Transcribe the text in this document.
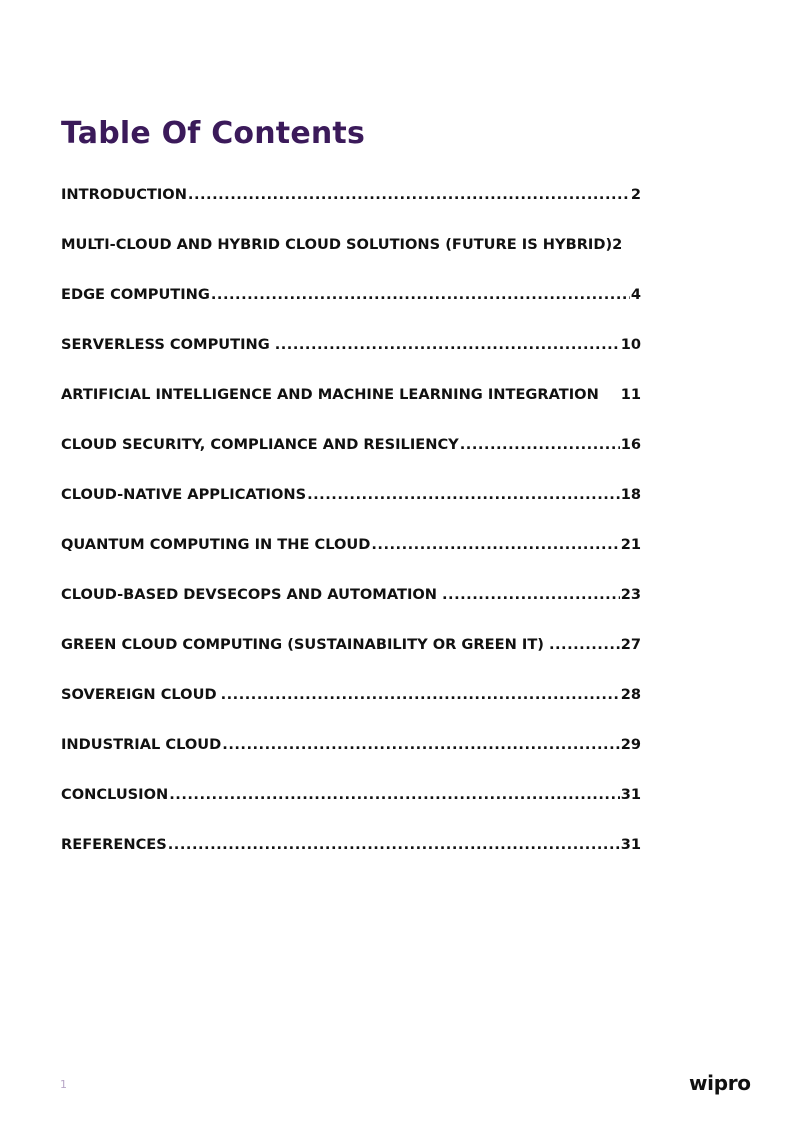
Table Of Contents
INTRODUCTION .....	2
MULTI-CLOUD AND HYBRID CLOUD SOLUTIONS (FUTURE IS HYBRID) 2
EDGE COMPUTING .....	4
SERVERLESS COMPUTING .....	10
ARTIFICIAL INTELLIGENCE AND MACHINE LEARNING INTEGRATION 11
CLOUD SECURITY, COMPLIANCE AND RESILIENCY .....	16
CLOUD-NATIVE APPLICATIONS .....	18
QUANTUM COMPUTING IN THE CLOUD .....	21
CLOUD-BASED DEVSECOPS AND AUTOMATION .....	23
GREEN CLOUD COMPUTING (SUSTAINABILITY OR GREEN IT) .....	27
SOVEREIGN CLOUD .....	28
INDUSTRIAL CLOUD .....	29
CONCLUSION .....	31
REFERENCES .....	31
1	wipro
